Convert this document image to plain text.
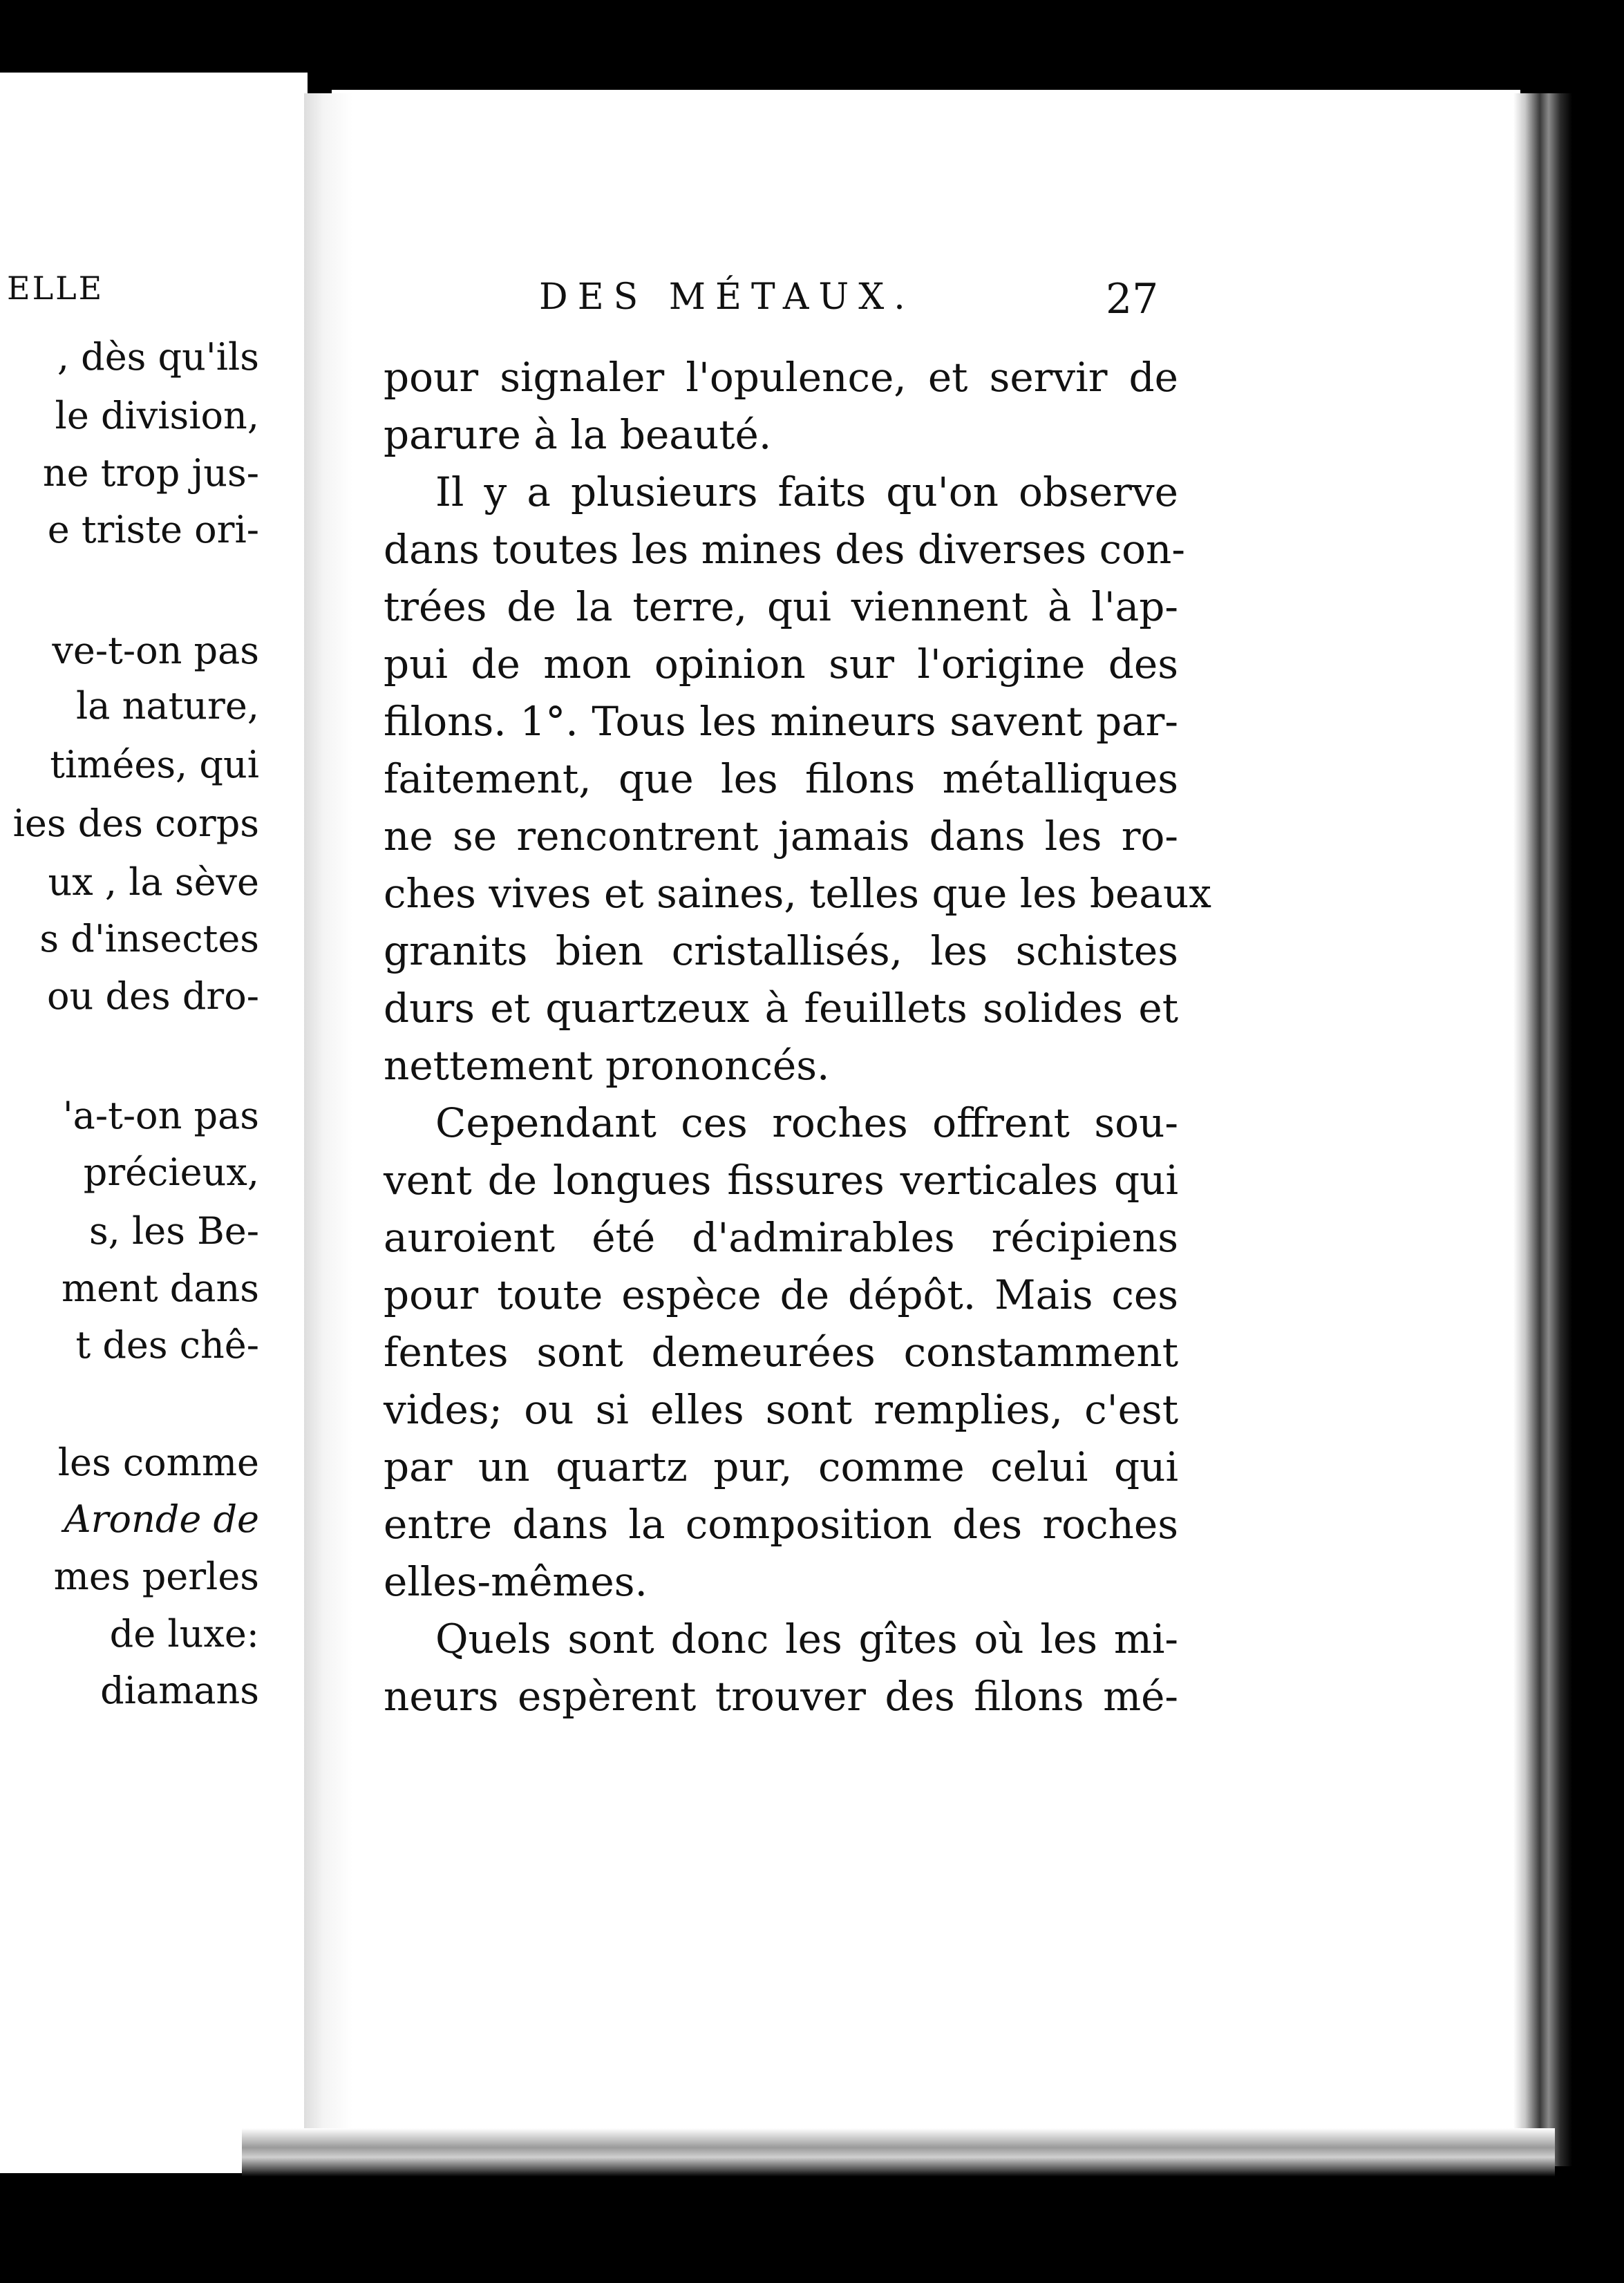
ELLE
, dès qu'ils
le division,
ne trop jus-
e triste ori-
ve-t-on pas
la nature,
timées, qui
ies des corps
ux , la sève
s d'insectes
ou des dro-
'a-t-on pas
précieux,
s, les Be-
ment dans
t des chê-
les comme
Aronde de
mes perles
de luxe:
diamans
DES MÉTAUX.	27
pour signaler l'opulence, et servir de
parure à la beauté.
Il y a plusieurs faits qu'on observe
dans toutes les mines des diverses con-
trées de la terre, qui viennent à l'ap-
pui de mon opinion sur l'origine des
filons. 1°. Tous les mineurs savent par-
faitement, que les filons métalliques
ne se rencontrent jamais dans les ro-
ches vives et saines, telles que les beaux
granits bien cristallisés, les schistes
durs et quartzeux à feuillets solides et
nettement prononcés.
Cependant ces roches offrent sou-
vent de longues fissures verticales qui
auroient été d'admirables récipiens
pour toute espèce de dépôt. Mais ces
fentes sont demeurées constamment
vides; ou si elles sont remplies, c'est
par un quartz pur, comme celui qui
entre dans la composition des roches
elles-mêmes.
Quels sont donc les gîtes où les mi-
neurs espèrent trouver des filons mé-
